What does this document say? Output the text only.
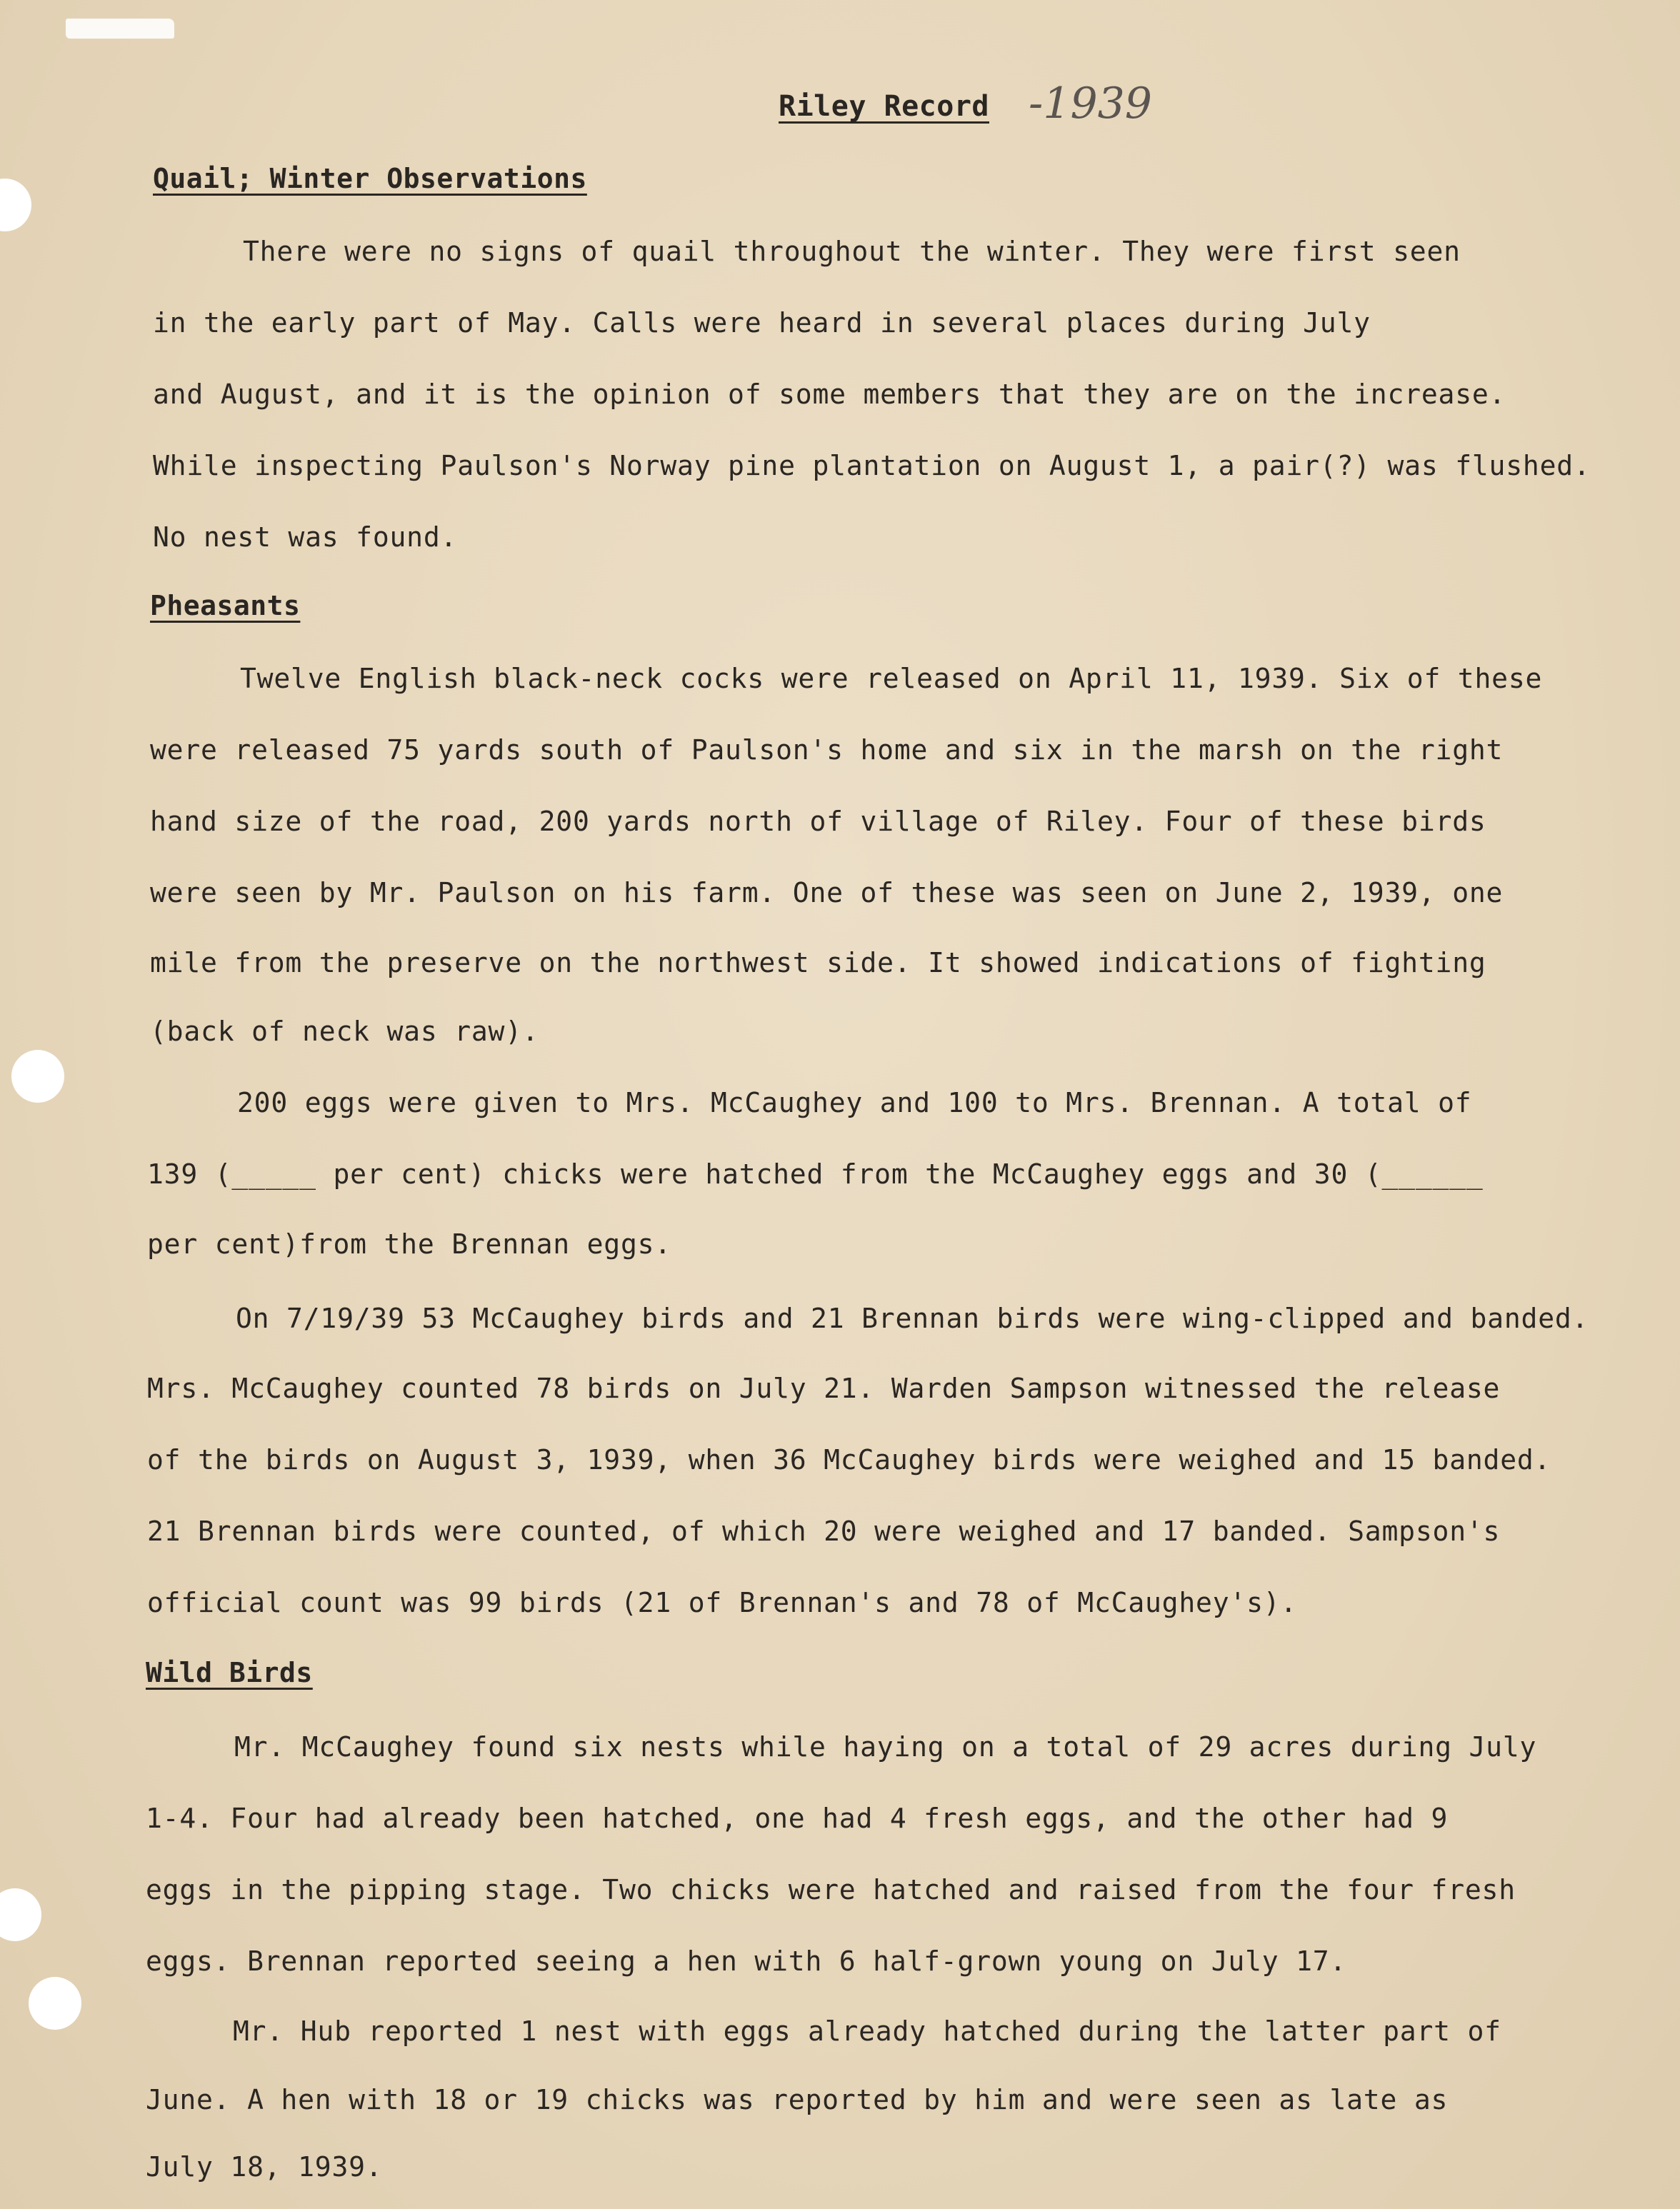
Riley Record -1939
Quail; Winter Observations
There were no signs of quail throughout the winter. They were first seen
in the early part of May. Calls were heard in several places during July
and August, and it is the opinion of some members that they are on the increase.
While inspecting Paulson's Norway pine plantation on August 1, a pair(?) was flushed.
No nest was found.
Pheasants
Twelve English black-neck cocks were released on April 11, 1939. Six of these
were released 75 yards south of Paulson's home and six in the marsh on the right
hand size of the road, 200 yards north of village of Riley. Four of these birds
were seen by Mr. Paulson on his farm. One of these was seen on June 2, 1939, one
mile from the preserve on the northwest side. It showed indications of fighting
(back of neck was raw).
200 eggs were given to Mrs. McCaughey and 100 to Mrs. Brennan. A total of
139 (_____ per cent) chicks were hatched from the McCaughey eggs and 30 (______
per cent)from the Brennan eggs.
On 7/19/39 53 McCaughey birds and 21 Brennan birds were wing-clipped and banded.
Mrs. McCaughey counted 78 birds on July 21. Warden Sampson witnessed the release
of the birds on August 3, 1939, when 36 McCaughey birds were weighed and 15 banded.
21 Brennan birds were counted, of which 20 were weighed and 17 banded. Sampson's
official count was 99 birds (21 of Brennan's and 78 of McCaughey's).
Wild Birds
Mr. McCaughey found six nests while haying on a total of 29 acres during July
1-4. Four had already been hatched, one had 4 fresh eggs, and the other had 9
eggs in the pipping stage. Two chicks were hatched and raised from the four fresh
eggs. Brennan reported seeing a hen with 6 half-grown young on July 17.
Mr. Hub reported 1 nest with eggs already hatched during the latter part of
June. A hen with 18 or 19 chicks was reported by him and were seen as late as
July 18, 1939.
